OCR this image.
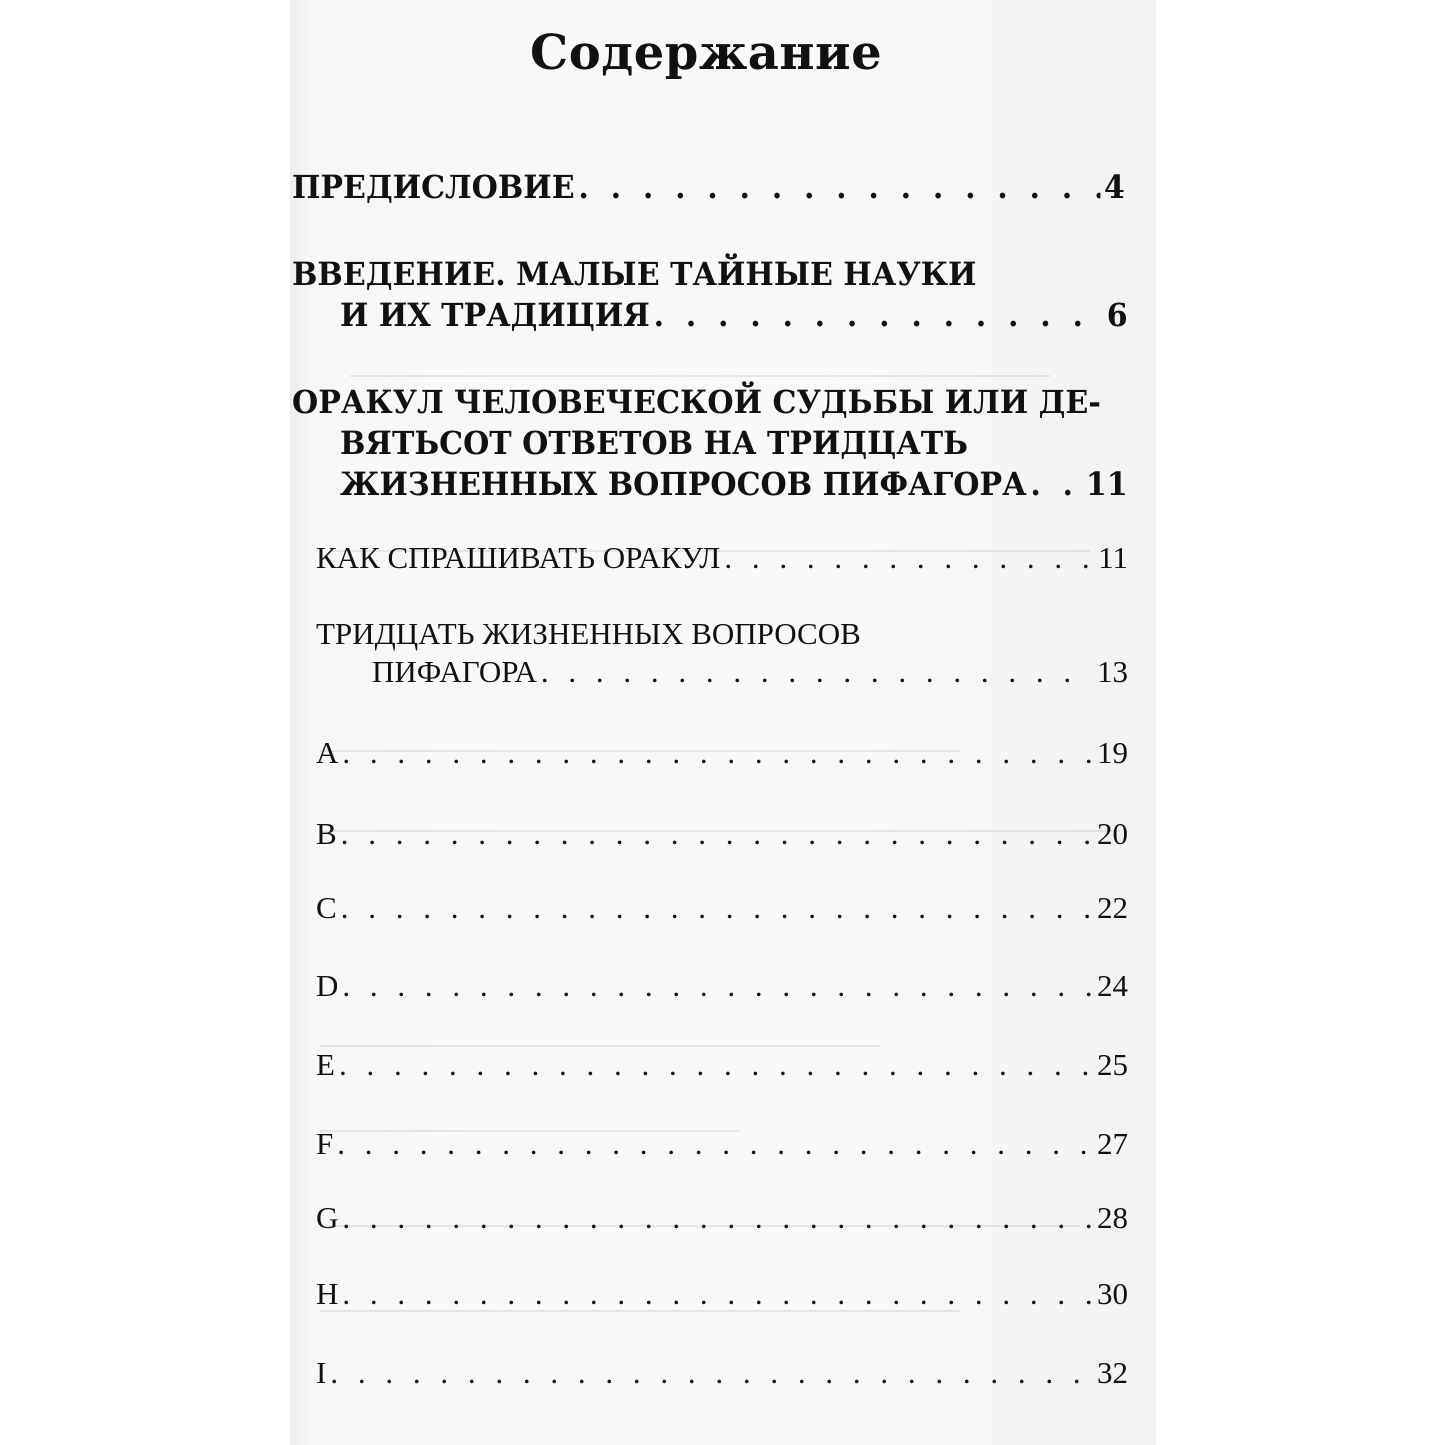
Содержание
ПРЕДИСЛОВИЕ . . .	4
ВВЕДЕНИЕ. МАЛЫЕ ТАЙНЫЕ НАУКИ
И ИХ ТРАДИЦИЯ . . .	6
ОРАКУЛ ЧЕЛОВЕЧЕСКОЙ СУДЬБЫ ИЛИ ДЕ-
ВЯТЬСОТ ОТВЕТОВ НА ТРИДЦАТЬ
ЖИЗНЕННЫХ ВОПРОСОВ ПИФАГОРА . . . 11
КАК СПРАШИВАТЬ ОРАКУЛ . . .	11
ТРИДЦАТЬ ЖИЗНЕННЫХ ВОПРОСОВ
ПИФАГОРА . . .	13
A . . .	19
B . . .	20
C . . .	22
D . . .	24
E . . .	25
F . . .	27
G . . .	28
H . . .	30
I . . .	32
